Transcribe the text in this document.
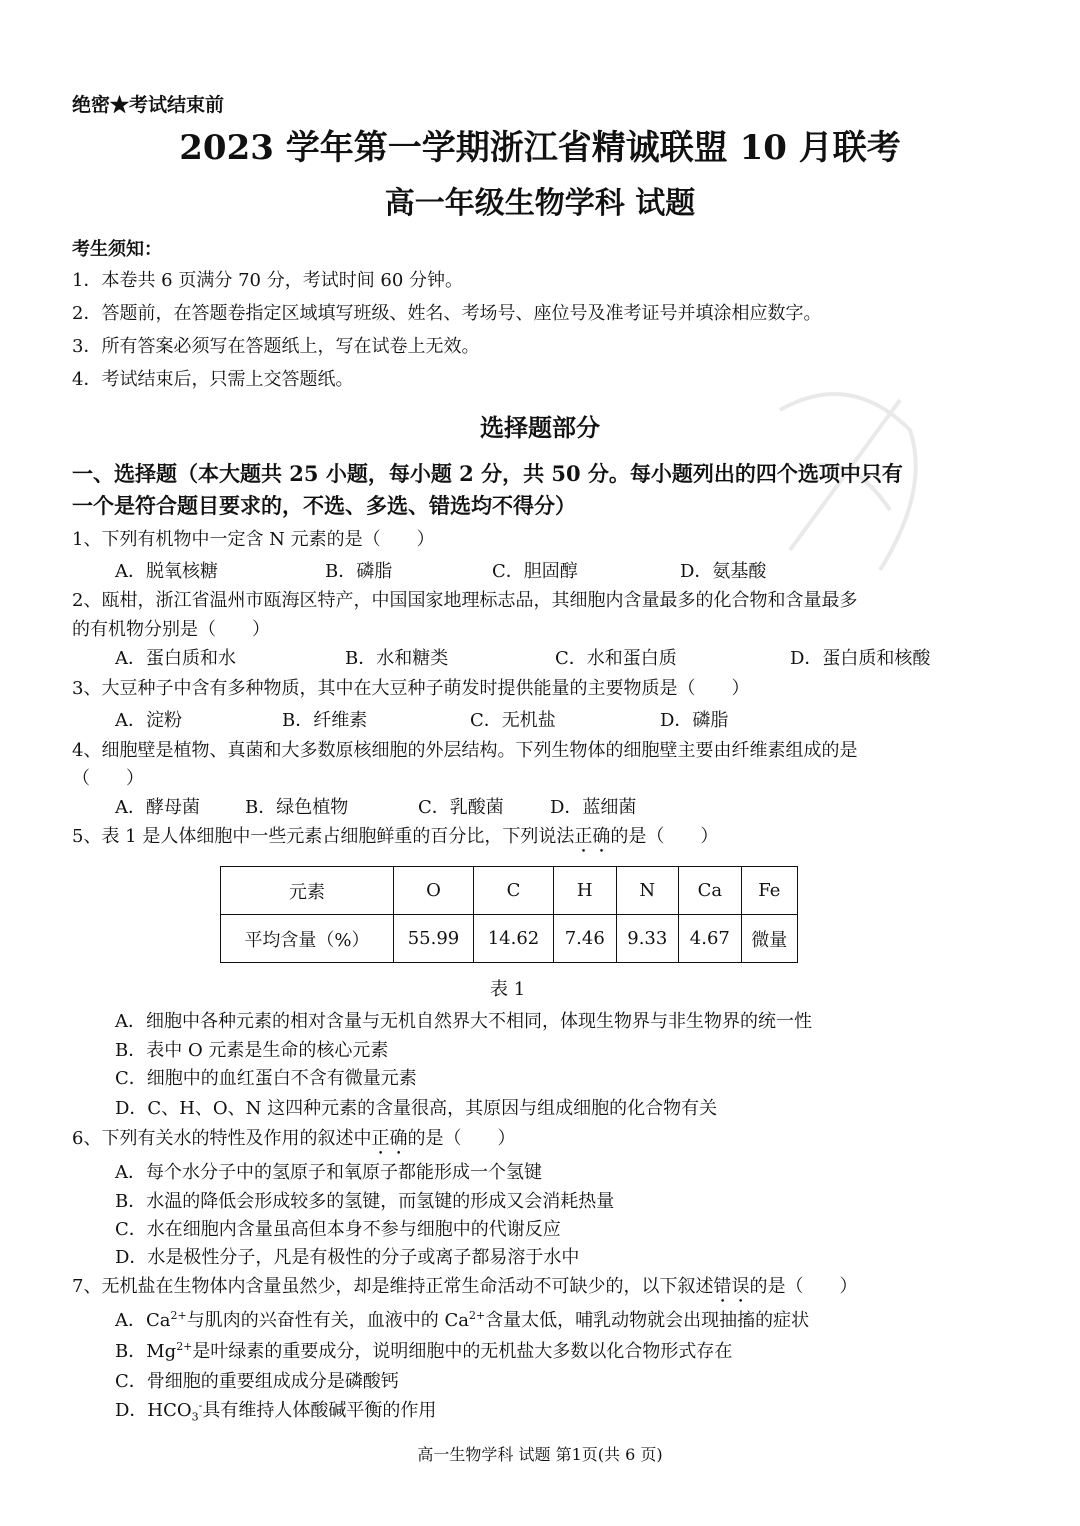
绝密★考试结束前
2023 学年第一学期浙江省精诚联盟 10 月联考
高一年级生物学科 试题
考生须知：
1．本卷共 6 页满分 70 分，考试时间 60 分钟。
2．答题前，在答题卷指定区域填写班级、姓名、考场号、座位号及准考证号并填涂相应数字。
3．所有答案必须写在答题纸上，写在试卷上无效。
4．考试结束后，只需上交答题纸。
选择题部分
一、选择题（本大题共 25 小题，每小题 2 分，共 50 分。每小题列出的四个选项中只有
一个是符合题目要求的，不选、多选、错选均不得分）
1、下列有机物中一定含 N 元素的是（　　）
A．脱氧核糖	B．磷脂	C．胆固醇	D．氨基酸
2、瓯柑，浙江省温州市瓯海区特产，中国国家地理标志品，其细胞内含量最多的化合物和含量最多
的有机物分别是（　　）
A．蛋白质和水	B．水和糖类	C．水和蛋白质	D．蛋白质和核酸
3、大豆种子中含有多种物质，其中在大豆种子萌发时提供能量的主要物质是（　　）
A．淀粉	B．纤维素	C．无机盐	D．磷脂
4、细胞壁是植物、真菌和大多数原核细胞的外层结构。下列生物体的细胞壁主要由纤维素组成的是
（　　）
A．酵母菌	B．绿色植物	C．乳酸菌	D．蓝细菌
5、表 1 是人体细胞中一些元素占细胞鲜重的百分比，下列说法正确的是（　　）
元素	O	C	H	N	Ca	Fe
平均含量（%）	55.99	14.62	7.46	9.33	4.67	微量
表 1
A．细胞中各种元素的相对含量与无机自然界大不相同，体现生物界与非生物界的统一性
B．表中 O 元素是生命的核心元素
C．细胞中的血红蛋白不含有微量元素
D．C、H、O、N 这四种元素的含量很高，其原因与组成细胞的化合物有关
6、下列有关水的特性及作用的叙述中正确的是（　　）
A．每个水分子中的氢原子和氧原子都能形成一个氢键
B．水温的降低会形成较多的氢键，而氢键的形成又会消耗热量
C．水在细胞内含量虽高但本身不参与细胞中的代谢反应
D．水是极性分子，凡是有极性的分子或离子都易溶于水中
7、无机盐在生物体内含量虽然少，却是维持正常生命活动不可缺少的，以下叙述错误的是（　　）
A．$Ca^{2+}$与肌肉的兴奋性有关，血液中的 $Ca^{2+}$含量太低，哺乳动物就会出现抽搐的症状
B．$Mg^{2+}$是叶绿素的重要成分，说明细胞中的无机盐大多数以化合物形式存在
C．骨细胞的重要组成成分是磷酸钙
D．$HCO_3^-$具有维持人体酸碱平衡的作用
高一生物学科 试题 第1页(共 6 页)
